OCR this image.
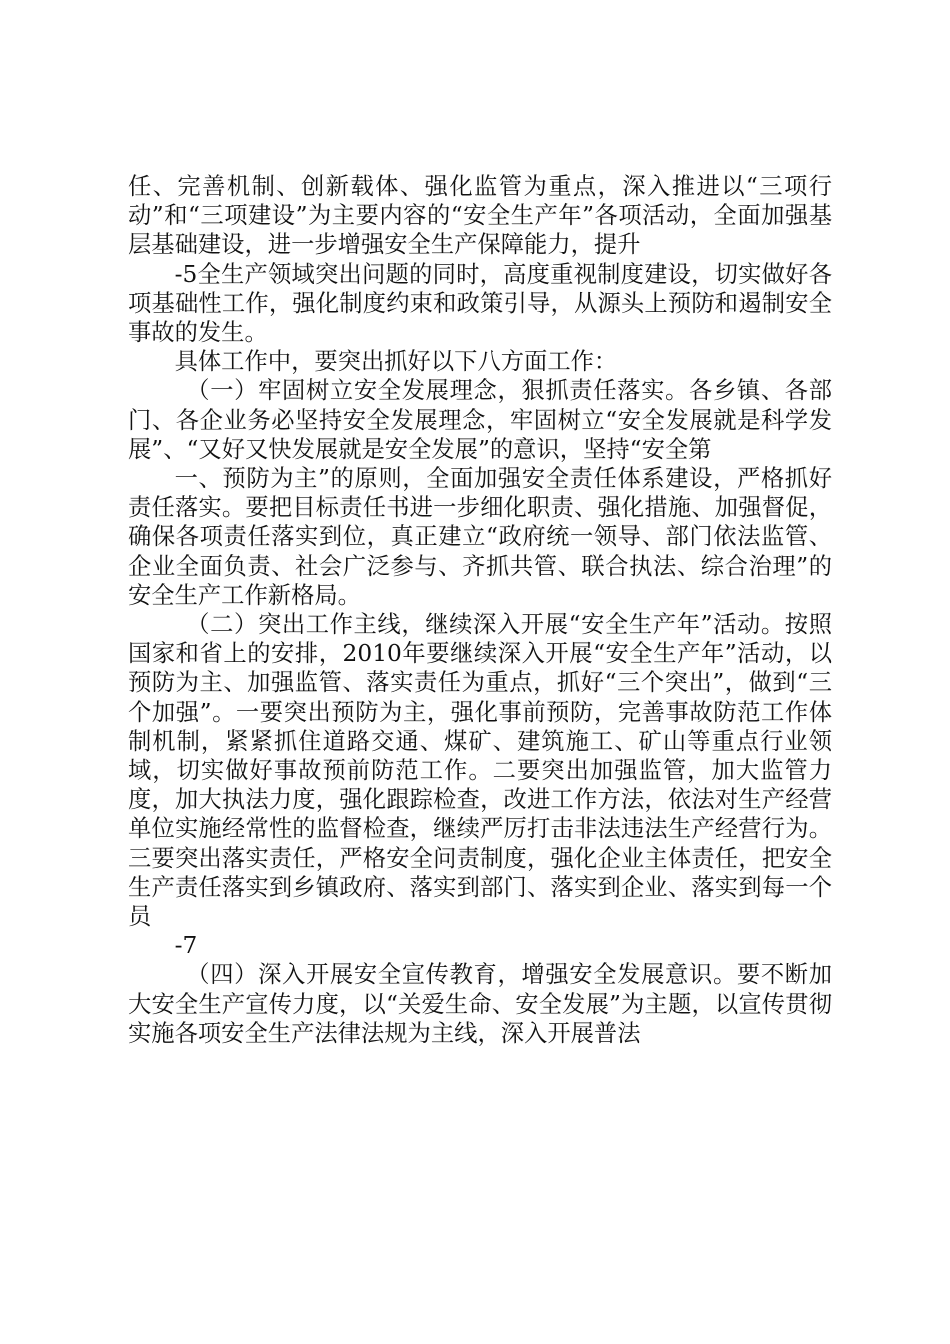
任、完善机制、创新载体、强化监管为重点，深入推进以“三项行动”和“三项建设”为主要内容的“安全生产年”各项活动，全面加强基层基础建设，进一步增强安全生产保障能力，提升

-5全生产领域突出问题的同时，高度重视制度建设，切实做好各项基础性工作，强化制度约束和政策引导，从源头上预防和遏制安全事故的发生。

具体工作中，要突出抓好以下八方面工作：

（一）牢固树立安全发展理念，狠抓责任落实。各乡镇、各部门、各企业务必坚持安全发展理念，牢固树立“安全发展就是科学发展”、“又好又快发展就是安全发展”的意识，坚持“安全第

一、预防为主”的原则，全面加强安全责任体系建设，严格抓好责任落实。要把目标责任书进一步细化职责、强化措施、加强督促，确保各项责任落实到位，真正建立“政府统一领导、部门依法监管、企业全面负责、社会广泛参与、齐抓共管、联合执法、综合治理”的安全生产工作新格局。

（二）突出工作主线，继续深入开展“安全生产年”活动。按照国家和省上的安排，2010年要继续深入开展“安全生产年”活动，以预防为主、加强监管、落实责任为重点，抓好“三个突出”，做到“三个加强”。一要突出预防为主，强化事前预防，完善事故防范工作体制机制，紧紧抓住道路交通、煤矿、建筑施工、矿山等重点行业领域，切实做好事故预前防范工作。二要突出加强监管，加大监管力度，加大执法力度，强化跟踪检查，改进工作方法，依法对生产经营单位实施经常性的监督检查，继续严厉打击非法违法生产经营行为。三要突出落实责任，严格安全问责制度，强化企业主体责任，把安全生产责任落实到乡镇政府、落实到部门、落实到企业、落实到每一个员

-7

（四）深入开展安全宣传教育，增强安全发展意识。要不断加大安全生产宣传力度，以“关爱生命、安全发展”为主题，以宣传贯彻实施各项安全生产法律法规为主线，深入开展普法
